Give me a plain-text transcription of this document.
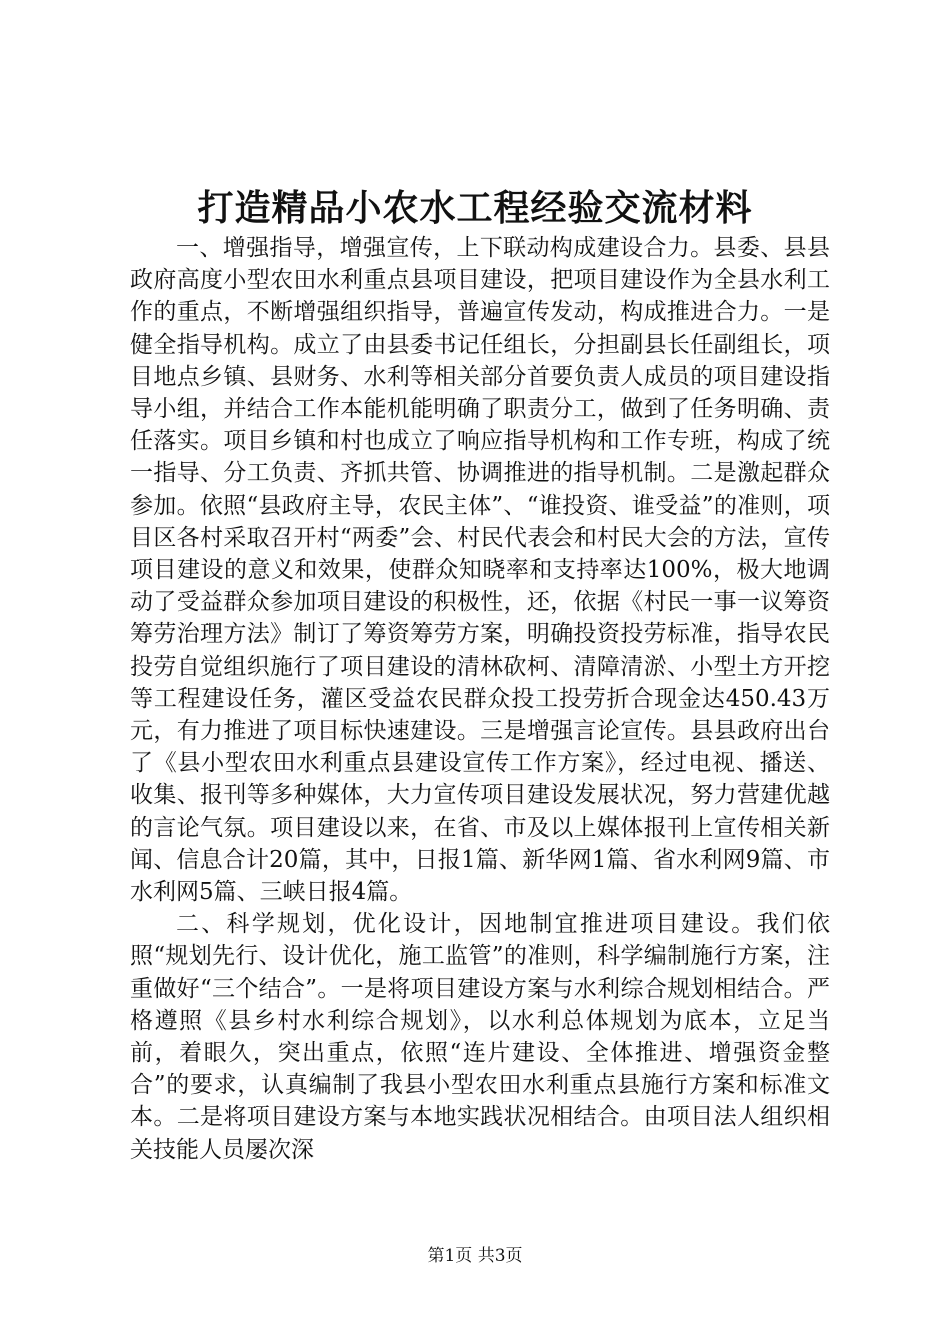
打造精品小农水工程经验交流材料

一、增强指导，增强宣传，上下联动构成建设合力。县委、县县政府高度小型农田水利重点县项目建设，把项目建设作为全县水利工作的重点，不断增强组织指导，普遍宣传发动，构成推进合力。一是健全指导机构。成立了由县委书记任组长，分担副县长任副组长，项目地点乡镇、县财务、水利等相关部分首要负责人成员的项目建设指导小组，并结合工作本能机能明确了职责分工，做到了任务明确、责任落实。项目乡镇和村也成立了响应指导机构和工作专班，构成了统一指导、分工负责、齐抓共管、协调推进的指导机制。二是激起群众参加。依照“县政府主导，农民主体”、“谁投资、谁受益”的准则，项目区各村采取召开村“两委”会、村民代表会和村民大会的方法，宣传项目建设的意义和效果，使群众知晓率和支持率达100%，极大地调动了受益群众参加项目建设的积极性，还，依据《村民一事一议筹资筹劳治理方法》制订了筹资筹劳方案，明确投资投劳标准，指导农民投劳自觉组织施行了项目建设的清林砍柯、清障清淤、小型土方开挖等工程建设任务，灌区受益农民群众投工投劳折合现金达450.43万元，有力推进了项目标快速建设。三是增强言论宣传。县县政府出台了《县小型农田水利重点县建设宣传工作方案》，经过电视、播送、收集、报刊等多种媒体，大力宣传项目建设发展状况，努力营建优越的言论气氛。项目建设以来，在省、市及以上媒体报刊上宣传相关新闻、信息合计20篇，其中，日报1篇、新华网1篇、省水利网9篇、市水利网5篇、三峡日报4篇。

二、科学规划，优化设计，因地制宜推进项目建设。我们依照“规划先行、设计优化，施工监管”的准则，科学编制施行方案，注重做好“三个结合”。一是将项目建设方案与水利综合规划相结合。严格遵照《县乡村水利综合规划》，以水利总体规划为底本，立足当前，着眼久，突出重点，依照“连片建设、全体推进、增强资金整合”的要求，认真编制了我县小型农田水利重点县施行方案和标准文本。二是将项目建设方案与本地实践状况相结合。由项目法人组织相关技能人员屡次深

第1页 共3页
